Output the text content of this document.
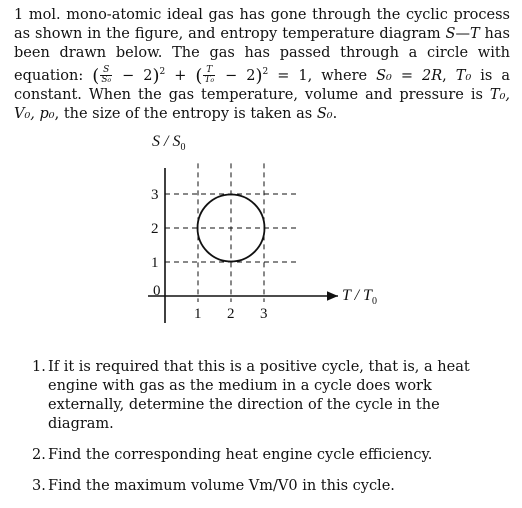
1 mol. mono-atomic ideal gas has gone through the cyclic process as shown in the figure, and entropy temperature diagram S—T has been drawn below. The gas has passed through a circle with equation: ( $\frac{S}{\text{S₀}} - 2)^2$ + ( $\frac{T}{\text{T₀}} - 2)^2 = 1$, where S₀ = 2R, T₀ is a constant. When the gas temperature, volume and pressure is T₀, V₀, p₀, the size of the entropy is taken as S₀.
S / $S_0$
T / $T_0$
0
1 2 3
1
2
3
1. If it is required that this is a positive cycle, that is, a heat engine with gas as the medium in a cycle does work externally, determine the direction of the cycle in the diagram.
2. Find the corresponding heat engine cycle efficiency.
3. Find the maximum volume Vm/V0 in this cycle.
